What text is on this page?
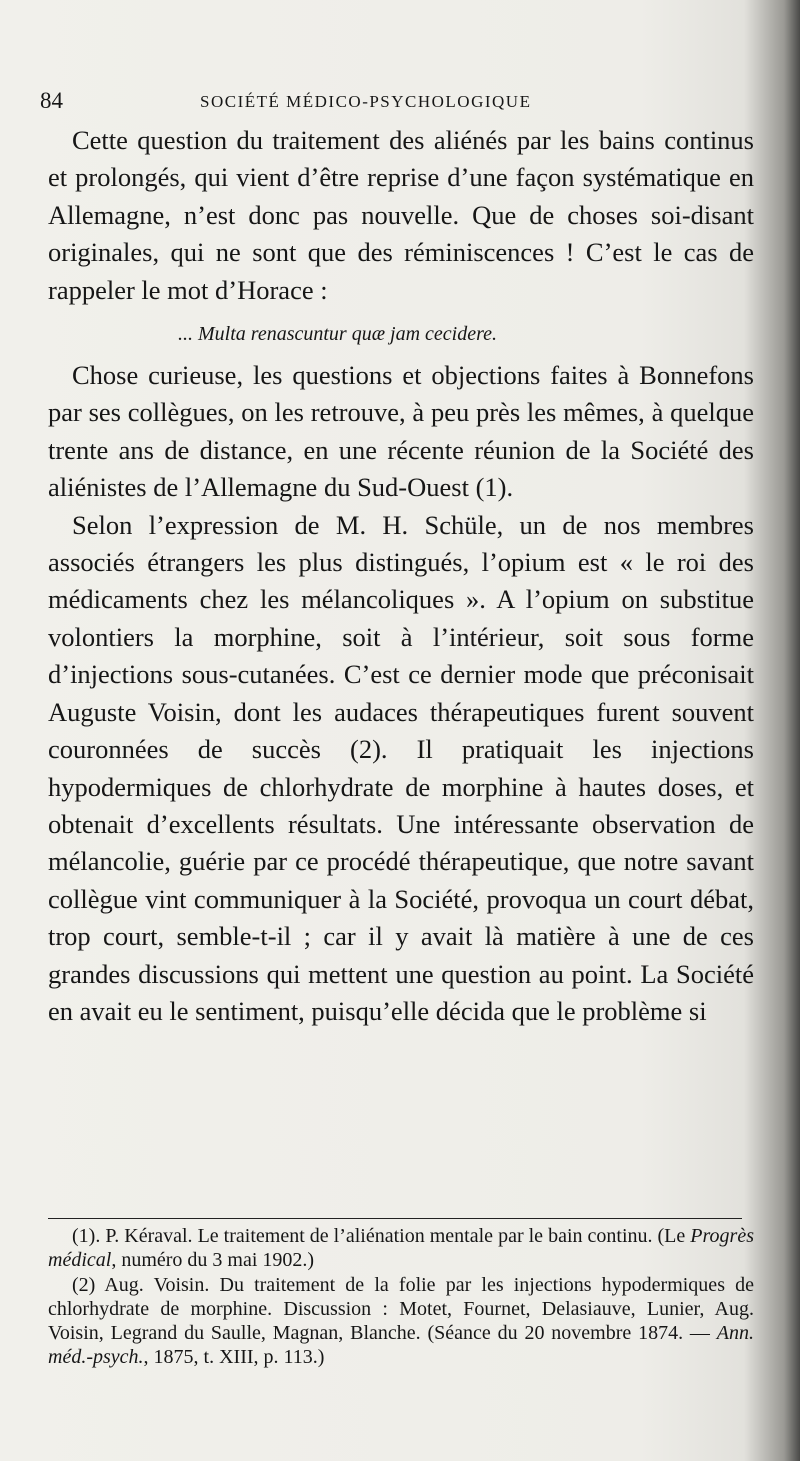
84	SOCIÉTÉ MÉDICO-PSYCHOLOGIQUE

Cette question du traitement des aliénés par les bains continus et prolongés, qui vient d’être reprise d’une façon systématique en Allemagne, n’est donc pas nouvelle. Que de choses soi-disant originales, qui ne sont que des réminiscences ! C’est le cas de rappeler le mot d’Horace :

... Multa renascuntur quæ jam cecidere.

Chose curieuse, les questions et objections faites à Bonnefons par ses collègues, on les retrouve, à peu près les mêmes, à quelque trente ans de distance, en une récente réunion de la Société des aliénistes de l’Allemagne du Sud-Ouest (1).

Selon l’expression de M. H. Schüle, un de nos membres associés étrangers les plus distingués, l’opium est « le roi des médicaments chez les mélancoliques ». A l’opium on substitue volontiers la morphine, soit à l’intérieur, soit sous forme d’injections sous-cutanées. C’est ce dernier mode que préconisait Auguste Voisin, dont les audaces thérapeutiques furent souvent couronnées de succès (2). Il pratiquait les injections hypodermiques de chlorhydrate de morphine à hautes doses, et obtenait d’excellents résultats. Une intéressante observation de mélancolie, guérie par ce procédé thérapeutique, que notre savant collègue vint communiquer à la Société, provoqua un court débat, trop court, semble-t-il ; car il y avait là matière à une de ces grandes discussions qui mettent une question au point. La Société en avait eu le sentiment, puisqu’elle décida que le problème si

(1). P. Kéraval. Le traitement de l’aliénation mentale par le bain continu. (Le Progrès médical, numéro du 3 mai 1902.)

(2) Aug. Voisin. Du traitement de la folie par les injections hypodermiques de chlorhydrate de morphine. Discussion : Motet, Fournet, Delasiauve, Lunier, Aug. Voisin, Legrand du Saulle, Magnan, Blanche. (Séance du 20 novembre 1874. — Ann. méd.-psych., 1875, t. XIII, p. 113.)
